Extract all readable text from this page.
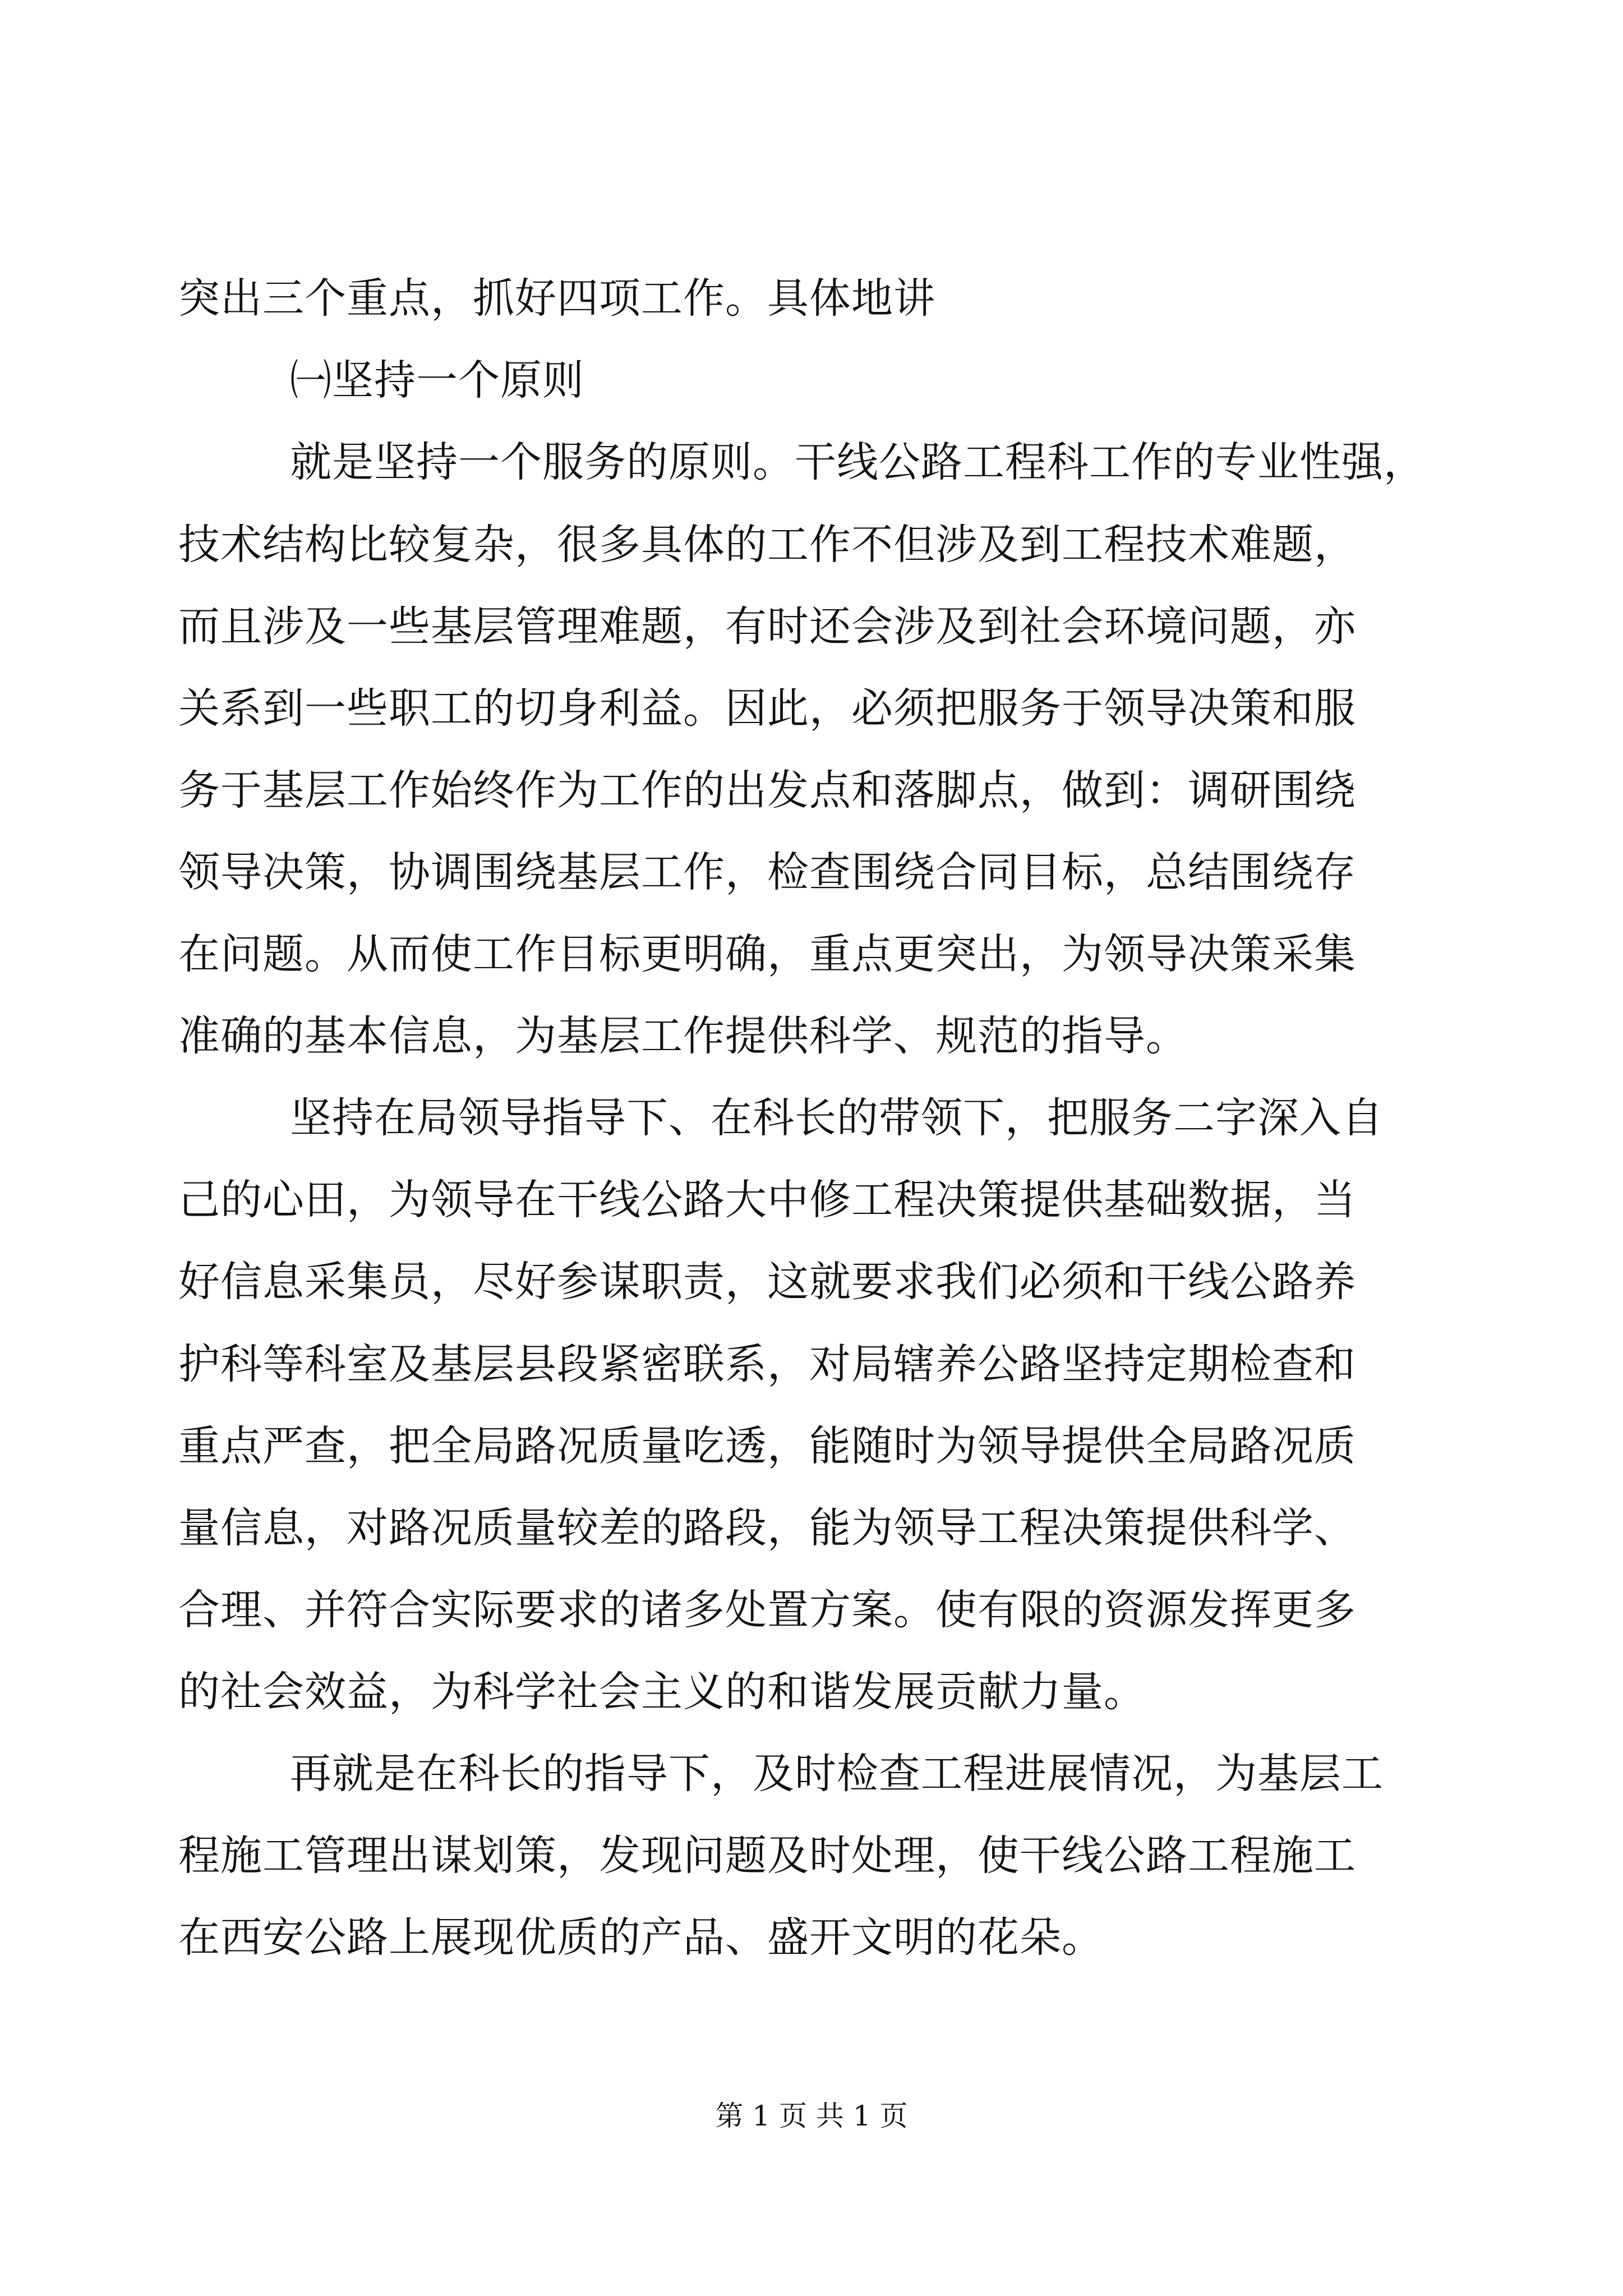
突出三个重点，抓好四项工作。具体地讲
㈠坚持一个原则
就是坚持一个服务的原则。干线公路工程科工作的专业性强，
技术结构比较复杂，很多具体的工作不但涉及到工程技术难题，
而且涉及一些基层管理难题，有时还会涉及到社会环境问题，亦
关系到一些职工的切身利益。因此，必须把服务于领导决策和服
务于基层工作始终作为工作的出发点和落脚点，做到：调研围绕
领导决策，协调围绕基层工作，检查围绕合同目标，总结围绕存
在问题。从而使工作目标更明确，重点更突出，为领导决策采集
准确的基本信息，为基层工作提供科学、规范的指导。
坚持在局领导指导下、在科长的带领下，把服务二字深入自
己的心田，为领导在干线公路大中修工程决策提供基础数据，当
好信息采集员，尽好参谋职责，这就要求我们必须和干线公路养
护科等科室及基层县段紧密联系，对局辖养公路坚持定期检查和
重点严查，把全局路况质量吃透，能随时为领导提供全局路况质
量信息，对路况质量较差的路段，能为领导工程决策提供科学、
合理、并符合实际要求的诸多处置方案。使有限的资源发挥更多
的社会效益，为科学社会主义的和谐发展贡献力量。
再就是在科长的指导下，及时检查工程进展情况，为基层工
程施工管理出谋划策，发现问题及时处理，使干线公路工程施工
在西安公路上展现优质的产品、盛开文明的花朵。
第 1 页 共 1 页
